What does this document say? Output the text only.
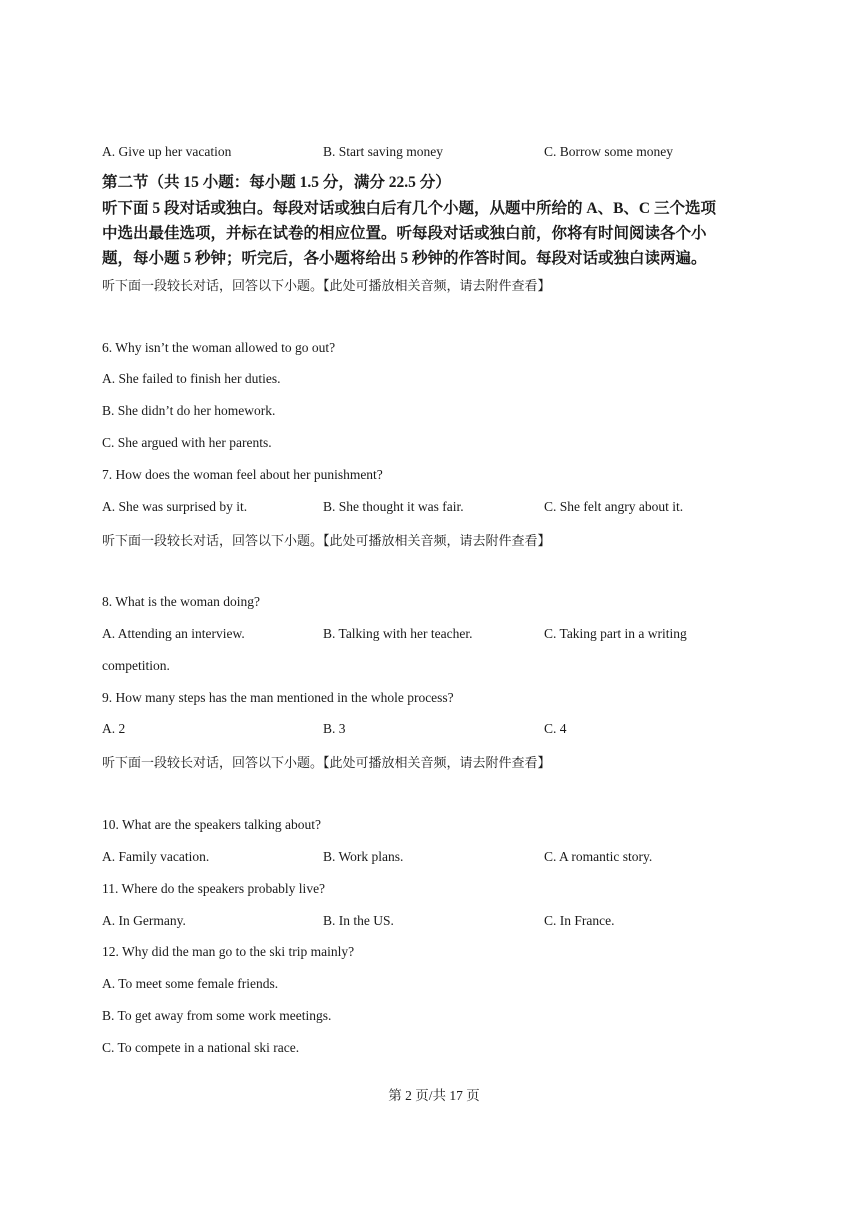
A. Give up her vacation	B. Start saving money	C. Borrow some money
第二节（共 15 小题：每小题 1.5 分，满分 22.5 分）
听下面 5 段对话或独白。每段对话或独白后有几个小题，从题中所给的 A、B、C 三个选项
中选出最佳选项，并标在试卷的相应位置。听每段对话或独白前，你将有时间阅读各个小
题，每小题 5 秒钟；听完后，各小题将给出 5 秒钟的作答时间。每段对话或独白读两遍。
听下面一段较长对话，回答以下小题。【此处可播放相关音频，请去附件查看】
6. Why isn’t the woman allowed to go out?
A. She failed to finish her duties.
B. She didn’t do her homework.
C. She argued with her parents.
7. How does the woman feel about her punishment?
A. She was surprised by it.	B. She thought it was fair.	C. She felt angry about it.
听下面一段较长对话，回答以下小题。【此处可播放相关音频，请去附件查看】
8. What is the woman doing?
A. Attending an interview.	B. Talking with her teacher.	C. Taking part in a writing
competition.
9. How many steps has the man mentioned in the whole process?
A. 2	B. 3	C. 4
听下面一段较长对话，回答以下小题。【此处可播放相关音频，请去附件查看】
10. What are the speakers talking about?
A. Family vacation.	B. Work plans.	C. A romantic story.
11. Where do the speakers probably live?
A. In Germany.	B. In the US.	C. In France.
12. Why did the man go to the ski trip mainly?
A. To meet some female friends.
B. To get away from some work meetings.
C. To compete in a national ski race.
第 2 页/共 17 页
